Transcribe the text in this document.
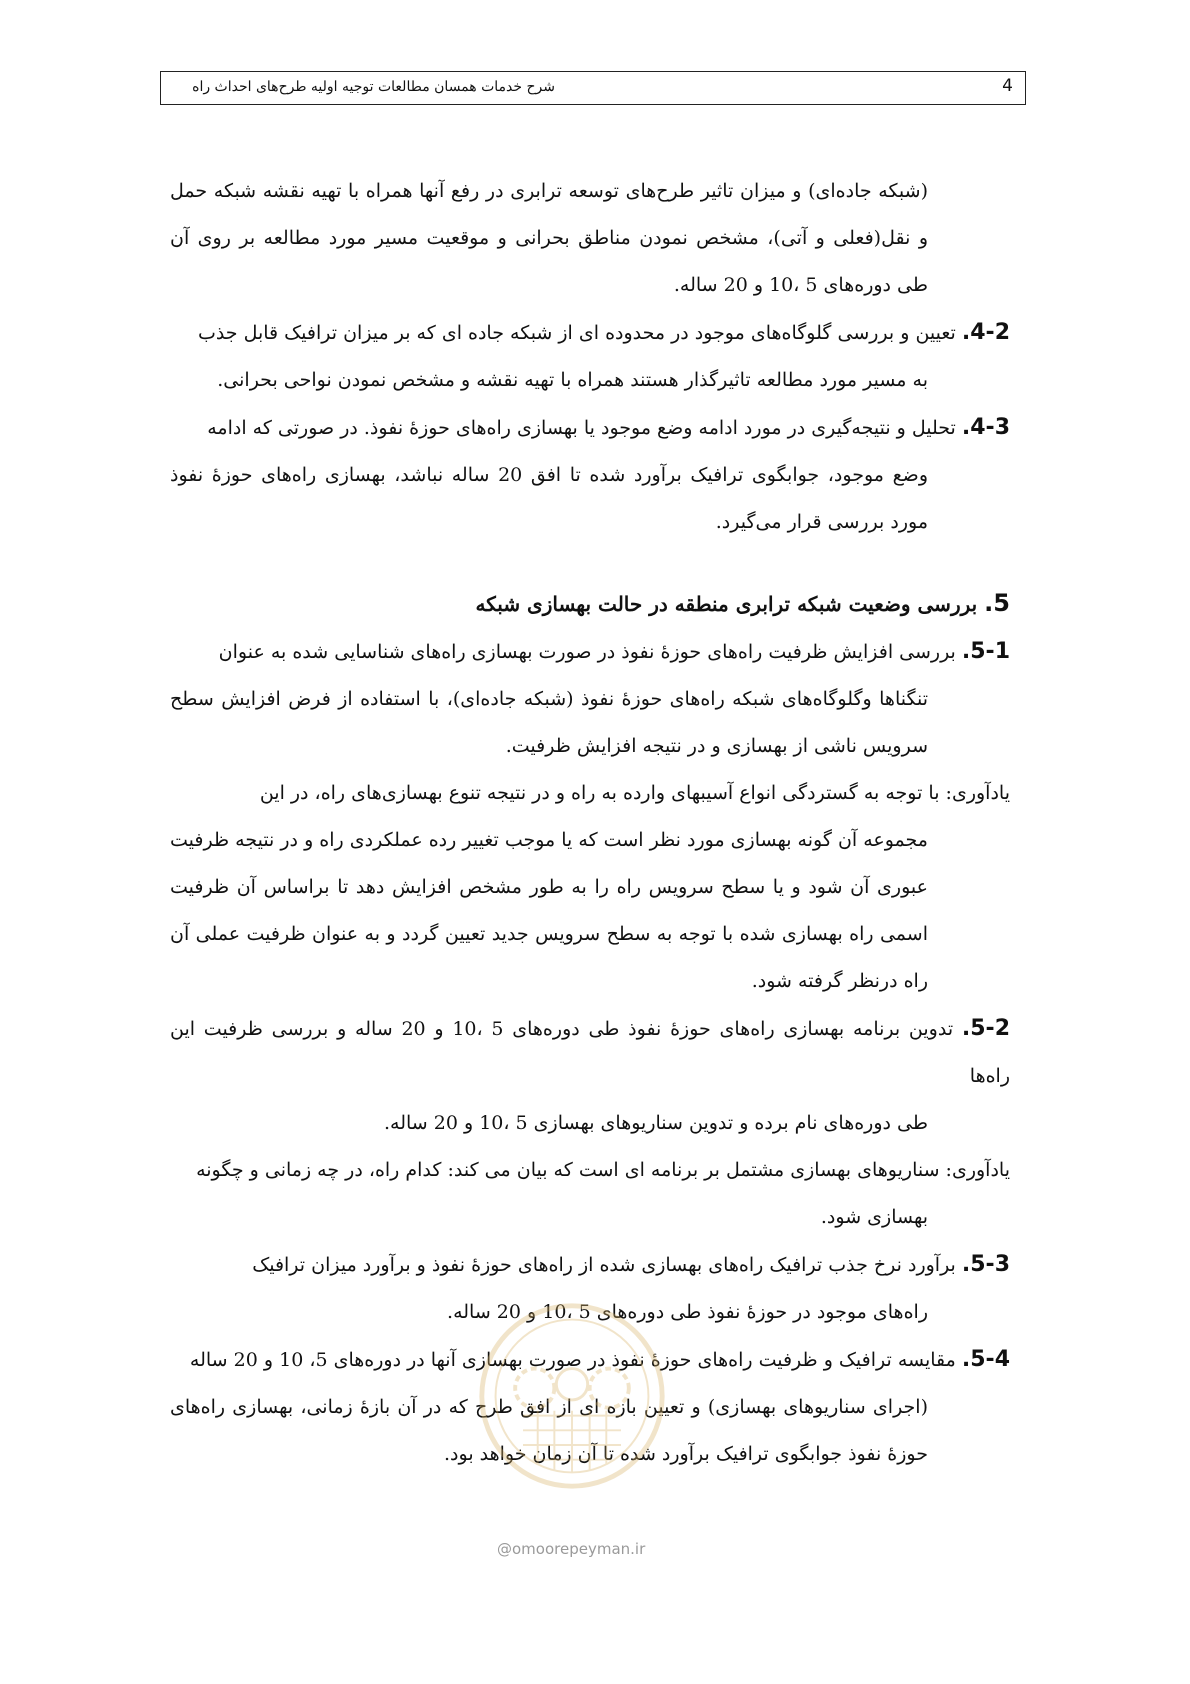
4
شرح خدمات همسان مطالعات توجیه اولیه طرح‌های احداث راه

(شبکه جاده‌ای) و میزان تاثیر طرح‌های توسعه ترابری در رفع آنها همراه با تهیه نقشه شبکه حمل و نقل(فعلی و آتی)، مشخص نمودن مناطق بحرانی و موقعیت مسیر مورد مطالعه بر روی آن طی دوره‌های 5 ،10 و 20 ساله.

4-2. تعیین و بررسی گلوگاه‌های موجود در محدوده ای از شبکه جاده ای که بر میزان ترافیک قابل جذب
به مسیر مورد مطالعه تاثیرگذار هستند همراه با تهیه نقشه و مشخص نمودن نواحی بحرانی.
4-3. تحلیل و نتیجه‌گیری در مورد ادامه وضع موجود یا بهسازی راه‌های حوزۀ نفوذ. در صورتی که ادامه
وضع موجود، جوابگوی ترافیک برآورد شده تا افق 20 ساله نباشد، بهسازی راه‌های حوزۀ نفوذ مورد بررسی قرار می‌گیرد.
5. بررسی وضعیت شبکه ترابری منطقه در حالت بهسازی شبکه
5-1. بررسی افزایش ظرفیت راه‌های حوزۀ نفوذ در صورت بهسازی راه‌های شناسایی شده به عنوان
تنگناها وگلوگاه‌های شبکه راه‌های حوزۀ نفوذ (شبکه جاده‌ای)، با استفاده از فرض افزایش سطح سرویس ناشی از بهسازی و در نتیجه افزایش ظرفیت.
یادآوری: با توجه به گستردگی انواع آسیبهای وارده به راه و در نتیجه تنوع بهسازی‌های راه، در این
مجموعه آن گونه بهسازی مورد نظر است که یا موجب تغییر رده عملکردی راه و در نتیجه ظرفیت عبوری آن شود و یا سطح سرویس راه را به طور مشخص افزایش دهد تا براساس آن ظرفیت اسمی راه بهسازی شده با توجه به سطح سرویس جدید تعیین گردد و به عنوان ظرفیت عملی آن راه درنظر گرفته شود.
5-2. تدوین برنامه بهسازی راه‌های حوزۀ نفوذ طی دوره‌های 5 ،10 و 20 ساله و بررسی ظرفیت این راه‌ها
طی دوره‌های نام برده و تدوین سناریوهای بهسازی 5 ،10 و 20 ساله.
یادآوری: سناریوهای بهسازی مشتمل بر برنامه ای است که بیان می کند: کدام راه، در چه زمانی و چگونه
بهسازی شود.
5-3. برآورد نرخ جذب ترافیک راه‌های بهسازی شده از راه‌های حوزۀ نفوذ و برآورد میزان ترافیک
راه‌های موجود در حوزۀ نفوذ طی دوره‌های 5 ،10 و 20 ساله.
5-4. مقایسه ترافیک و ظرفیت راه‌های حوزۀ نفوذ در صورت بهسازی آنها در دوره‌های 5، 10 و 20 ساله
(اجرای سناریوهای بهسازی) و تعیین بازه ای از افق طرح که در آن بازۀ زمانی، بهسازی راه‌های حوزۀ نفوذ جوابگوی ترافیک برآورد شده تا آن زمان خواهد بود.
@omoorepeyman.ir
